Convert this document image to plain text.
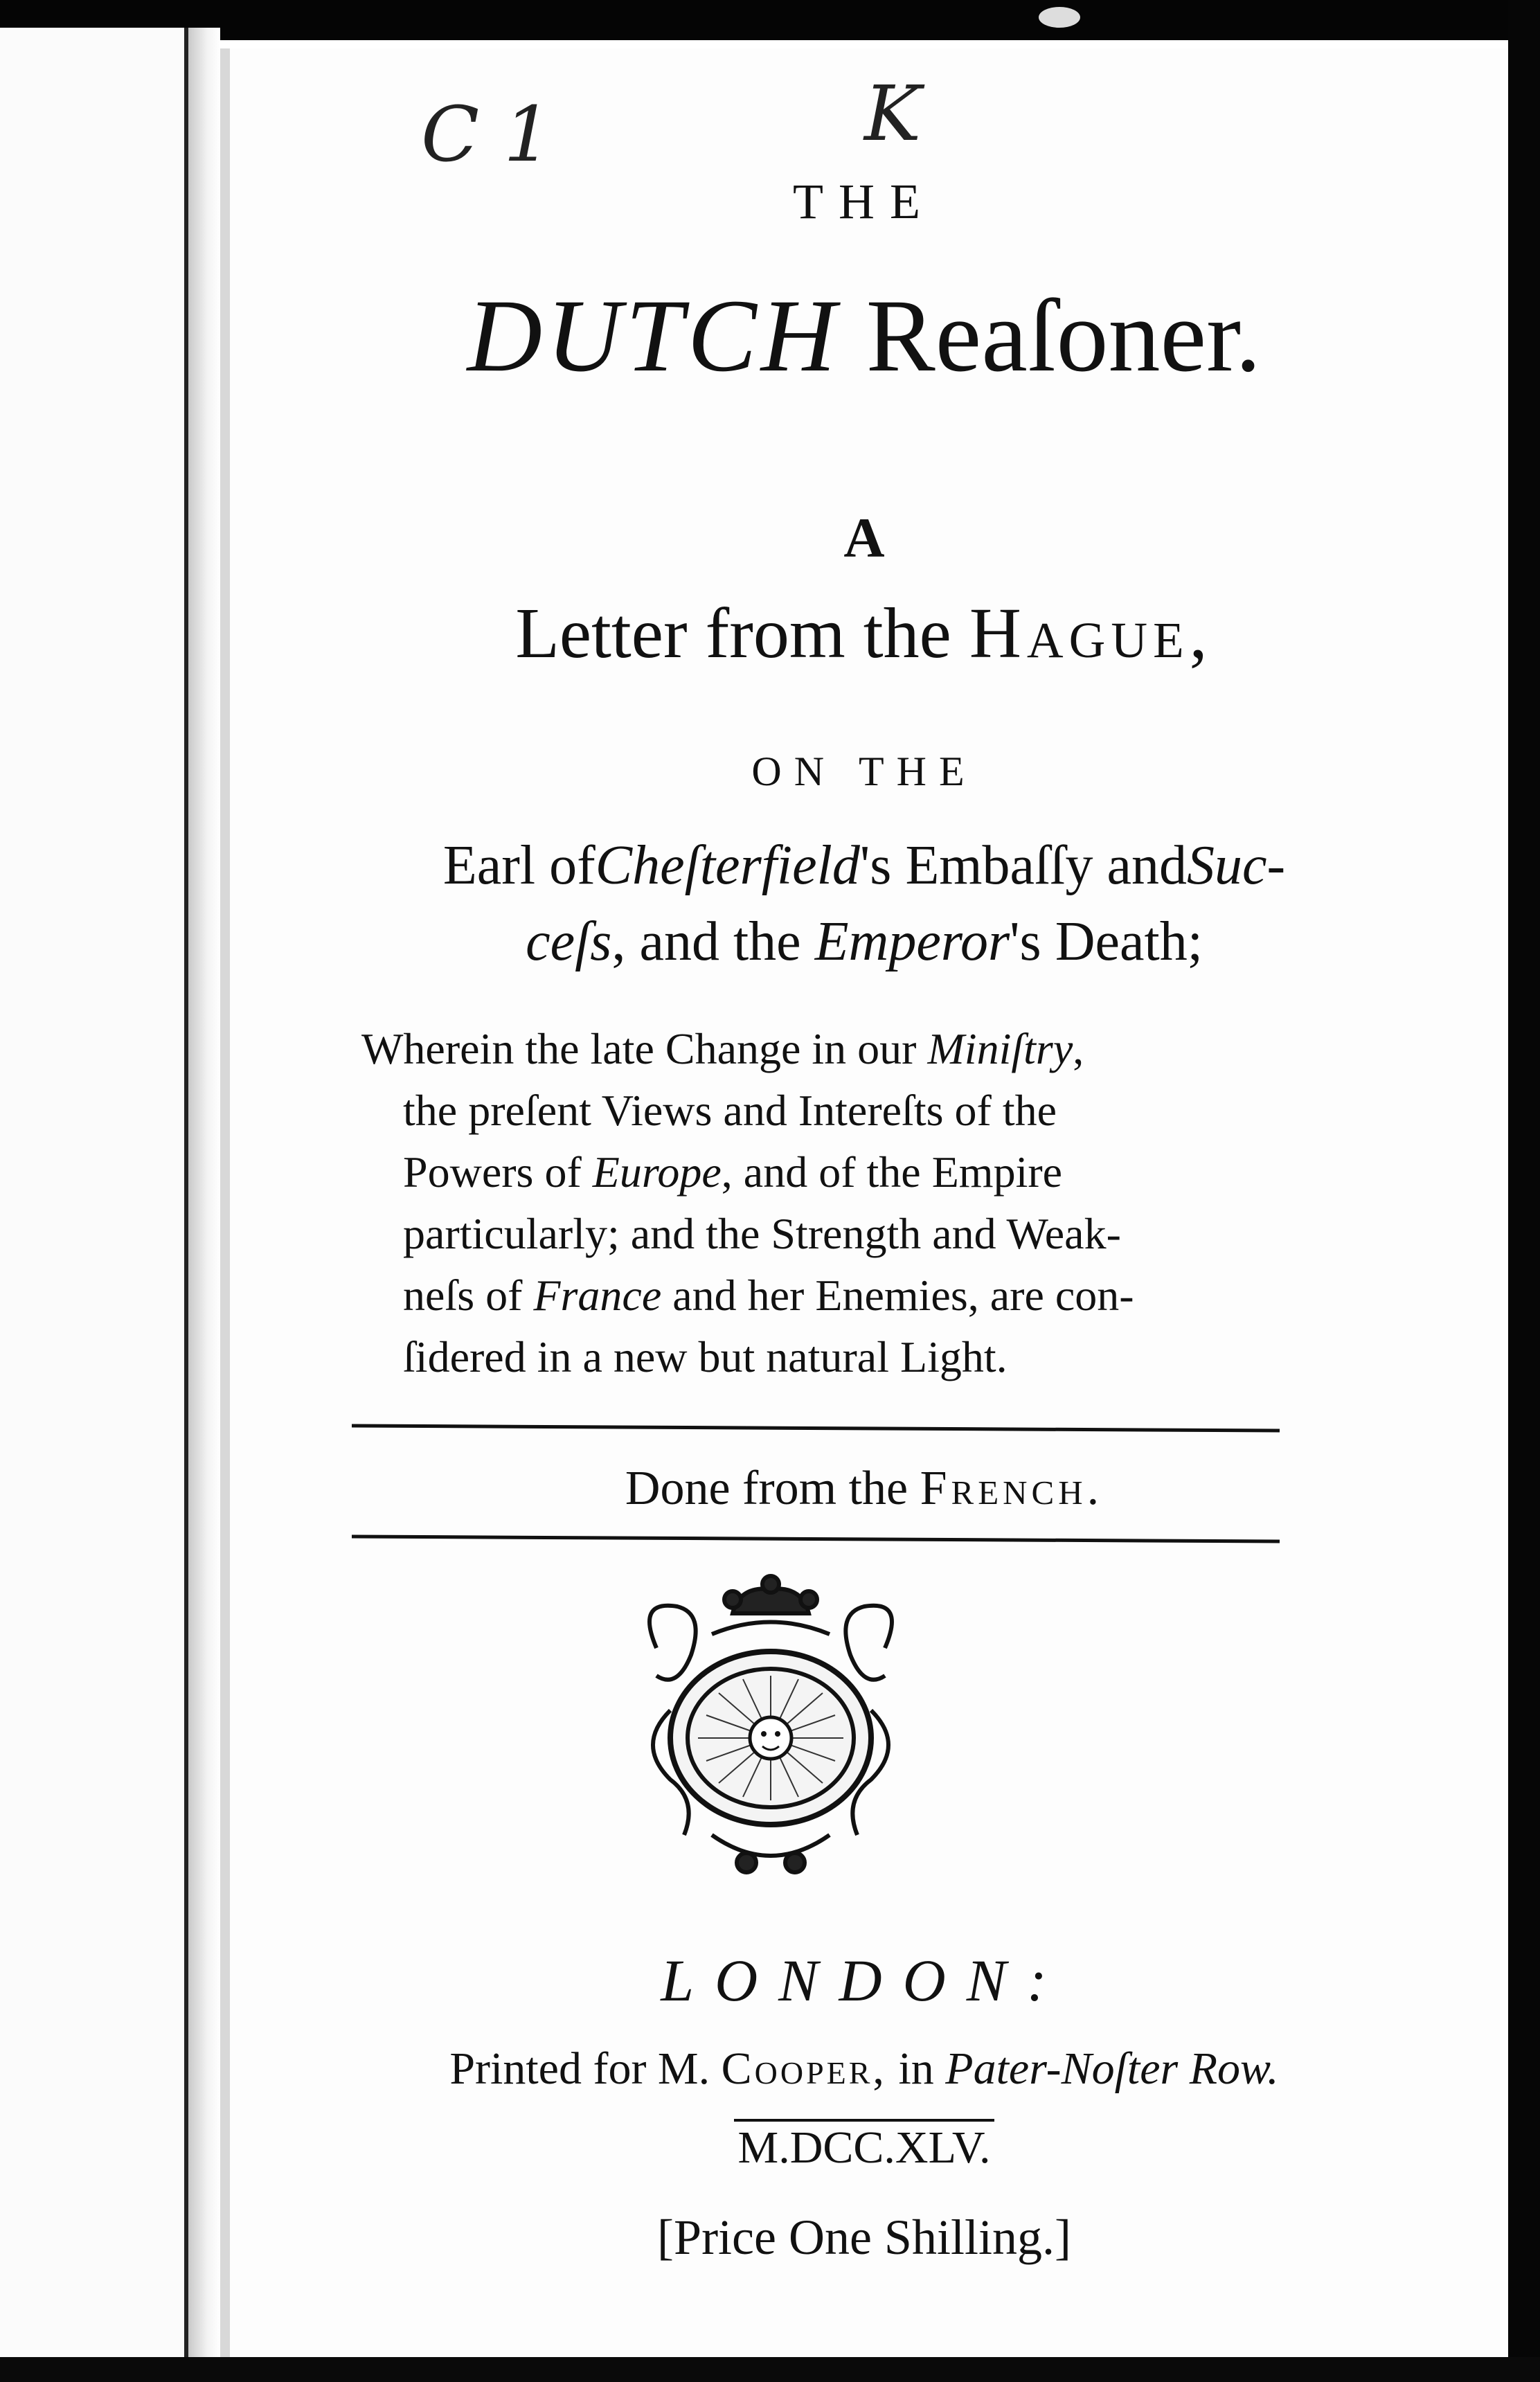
C 1	K
THE
DUTCH Reaſoner.
A
Letter from the Hague,
ON THE
Earl ofCheſterfield's Embaſſy andSuc-
ceſs, and the Emperor's Death;
Wherein the late Change in our Miniſtry,
the preſent Views and Intereſts of the
Powers of Europe, and of the Empire
particularly; and the Strength and Weak-
neſs of France and her Enemies, are con-
ſidered in a new but natural Light.
Done from the French.
LONDON:
Printed for M. Cooper, in Pater-Noſter Row.
M.DCC.XLV.
[Price One Shilling.]
